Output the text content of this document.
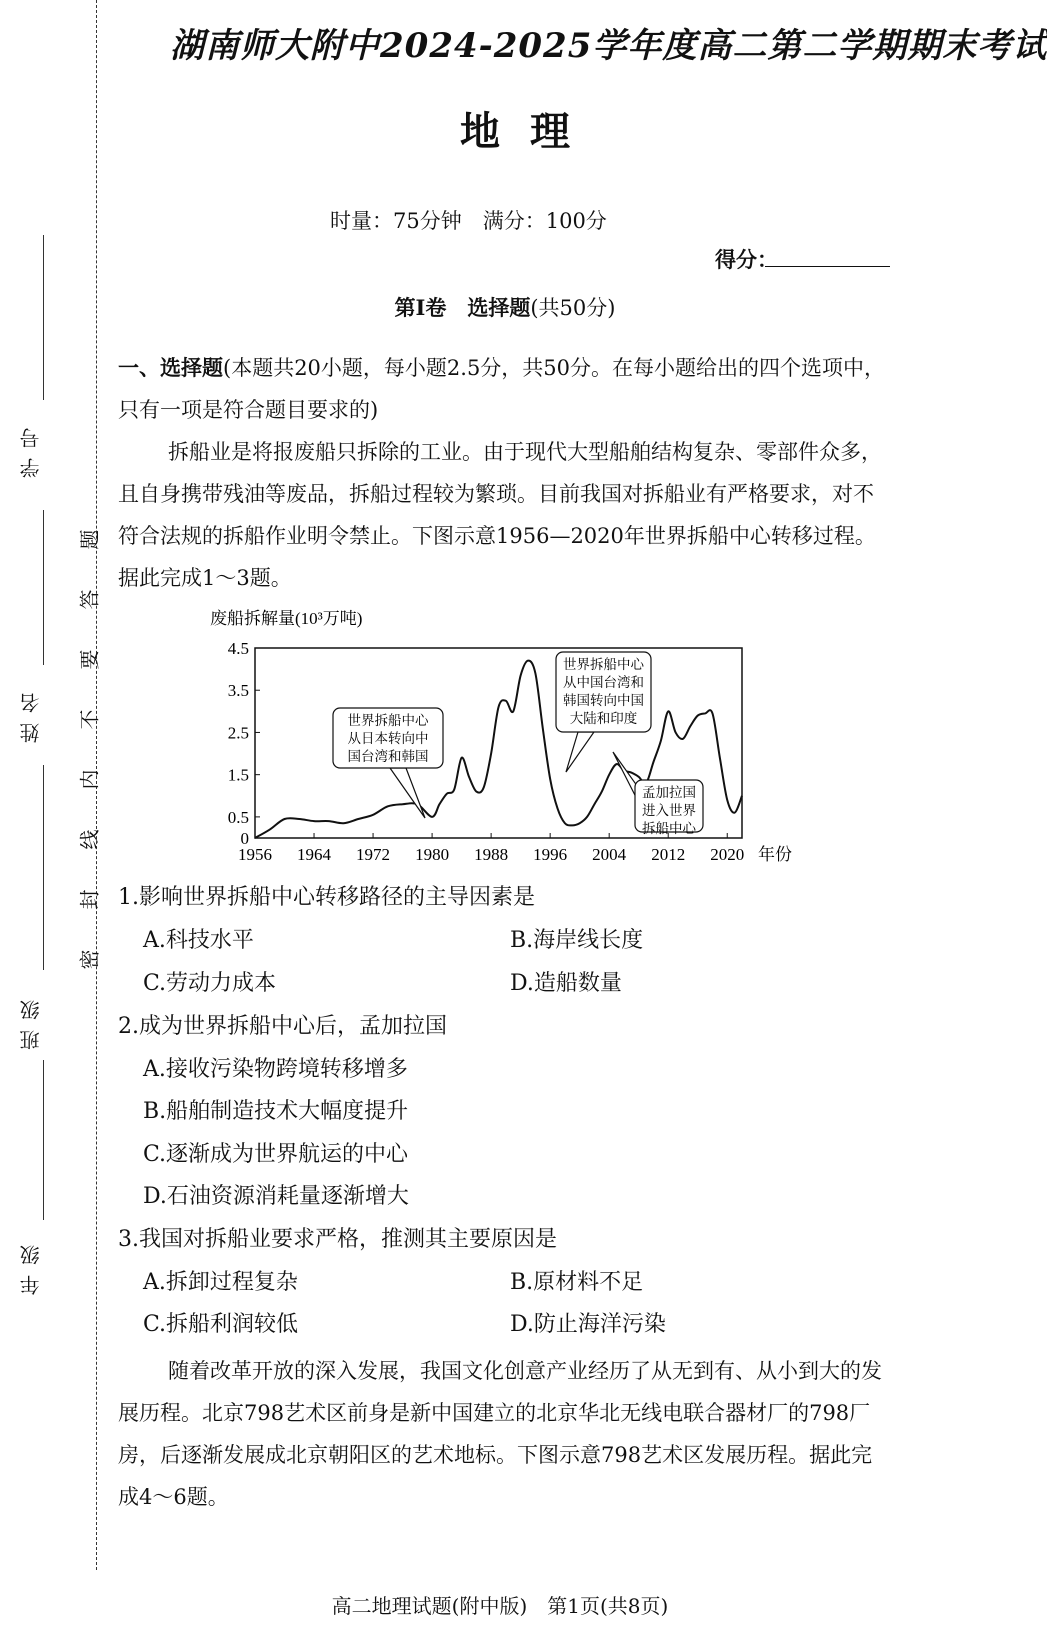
学号
姓名
班级
年级
题
答
要
不
内
线
封
密
湖南师大附中2024-2025学年度高二第二学期期末考试
地理
时量：75分钟　满分：100分
得分：
第Ⅰ卷　选择题(共50分)

一、选择题(本题共20小题，每小题2.5分，共50分。在每小题给出的四个选项中，只有一项是符合题目要求的)

拆船业是将报废船只拆除的工业。由于现代大型船舶结构复杂、零部件众多，且自身携带残油等废品，拆船过程较为繁琐。目前我国对拆船业有严格要求，对不符合法规的拆船作业明令禁止。下图示意1956—2020年世界拆船中心转移过程。据此完成1～3题。

废船拆解量(10³万吨)
0
0.5
1.5
2.5
3.5
4.5
1956 1964 1972 1980 1988 1996 2004 2012 2020 年份
世界拆船中心
从日本转向中
国台湾和韩国
世界拆船中心
从中国台湾和
韩国转向中国
大陆和印度
孟加拉国
进入世界
拆船中心
1.影响世界拆船中心转移路径的主导因素是
A.科技水平	B.海岸线长度
C.劳动力成本	D.造船数量
2.成为世界拆船中心后，孟加拉国
A.接收污染物跨境转移增多
B.船舶制造技术大幅度提升
C.逐渐成为世界航运的中心
D.石油资源消耗量逐渐增大
3.我国对拆船业要求严格，推测其主要原因是
A.拆卸过程复杂	B.原材料不足
C.拆船利润较低	D.防止海洋污染

随着改革开放的深入发展，我国文化创意产业经历了从无到有、从小到大的发展历程。北京798艺术区前身是新中国建立的北京华北无线电联合器材厂的798厂房，后逐渐发展成北京朝阳区的艺术地标。下图示意798艺术区发展历程。据此完成4～6题。

高二地理试题(附中版)　第1页(共8页)
